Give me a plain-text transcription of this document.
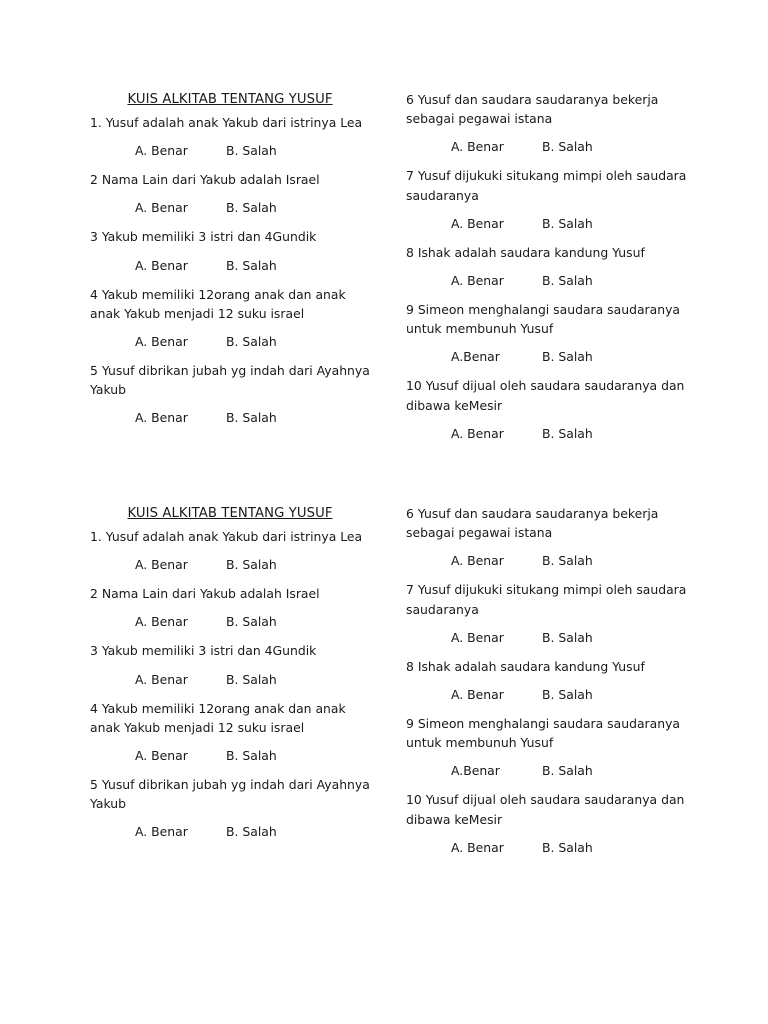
KUIS ALKITAB TENTANG YUSUF

1. Yusuf adalah anak Yakub dari istrinya Lea

A. Benar	B. Salah

2 Nama Lain dari Yakub adalah Israel

A. Benar	B. Salah

3 Yakub memiliki 3 istri dan 4Gundik

A. Benar	B. Salah

4 Yakub memiliki 12orang anak dan anak anak Yakub menjadi 12 suku israel

A. Benar	B. Salah

5 Yusuf dibrikan jubah yg indah dari Ayahnya Yakub

A. Benar	B. Salah

6 Yusuf dan saudara saudaranya bekerja sebagai pegawai istana

A. Benar	B. Salah

7 Yusuf dijukuki situkang mimpi oleh saudara saudaranya

A. Benar	B. Salah

8 Ishak adalah saudara kandung Yusuf

A. Benar	B. Salah

9 Simeon menghalangi saudara saudaranya untuk membunuh Yusuf

A.Benar	B. Salah

10 Yusuf dijual oleh saudara saudaranya dan dibawa keMesir

A. Benar	B. Salah
KUIS ALKITAB TENTANG YUSUF

1. Yusuf adalah anak Yakub dari istrinya Lea

A. Benar	B. Salah

2 Nama Lain dari Yakub adalah Israel

A. Benar	B. Salah

3 Yakub memiliki 3 istri dan 4Gundik

A. Benar	B. Salah

4 Yakub memiliki 12orang anak dan anak anak Yakub menjadi 12 suku israel

A. Benar	B. Salah

5 Yusuf dibrikan jubah yg indah dari Ayahnya Yakub

A. Benar	B. Salah

6 Yusuf dan saudara saudaranya bekerja sebagai pegawai istana

A. Benar	B. Salah

7 Yusuf dijukuki situkang mimpi oleh saudara saudaranya

A. Benar	B. Salah

8 Ishak adalah saudara kandung Yusuf

A. Benar	B. Salah

9 Simeon menghalangi saudara saudaranya untuk membunuh Yusuf

A.Benar	B. Salah

10 Yusuf dijual oleh saudara saudaranya dan dibawa keMesir

A. Benar	B. Salah
